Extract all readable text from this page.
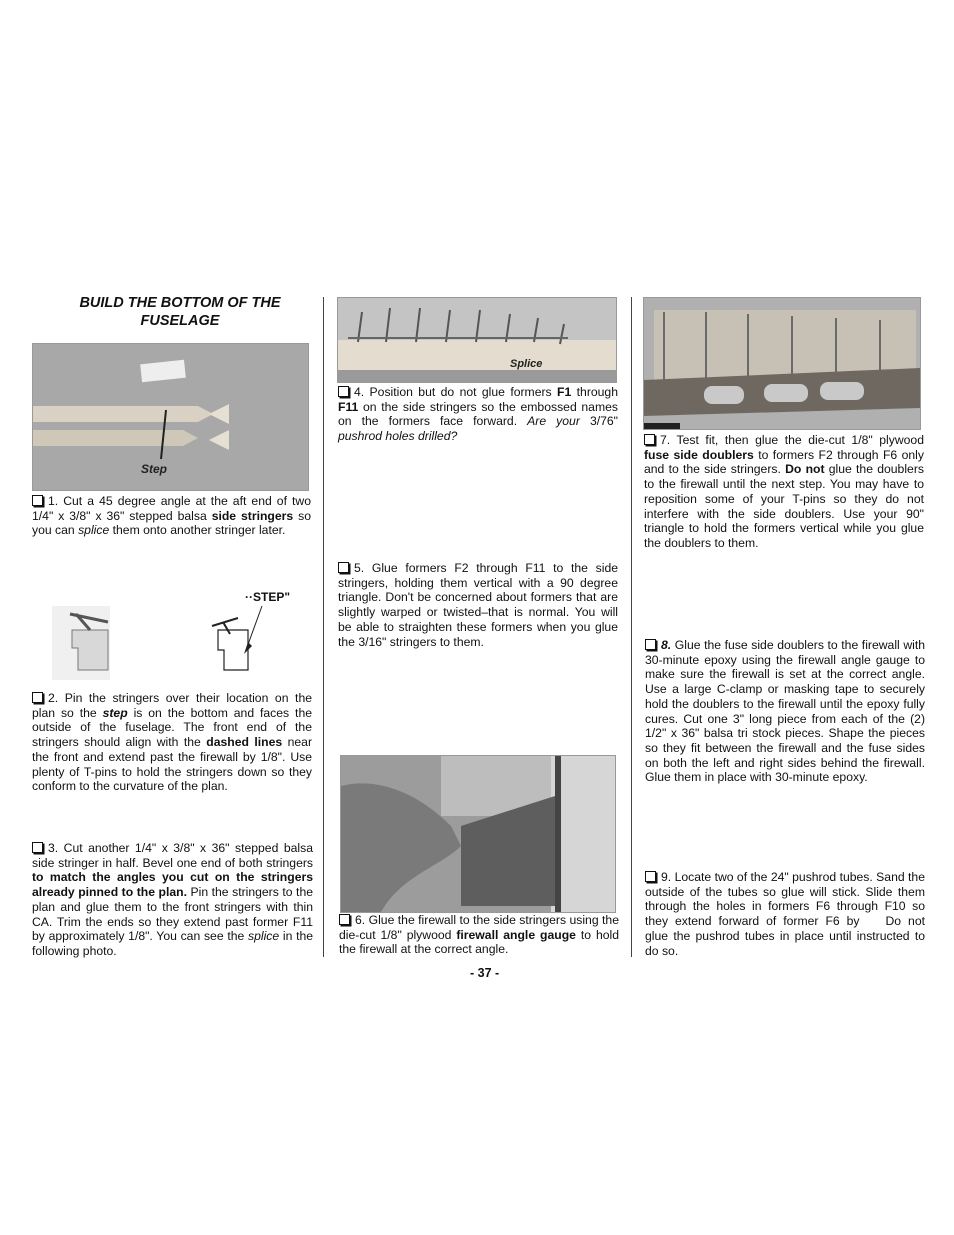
BUILD THE BOTTOM OF THE
FUSELAGE
Step
1. Cut a 45 degree angle at the aft end of two 1/4" x 3/8" x 36" stepped balsa side stringers so you can splice them onto another stringer later.
··STEP"
2. Pin the stringers over their location on the plan so the step is on the bottom and faces the outside of the fuselage. The front end of the stringers should align with the dashed lines near the front and extend past the firewall by 1/8". Use plenty of T-pins to hold the stringers down so they conform to the curvature of the plan.
3. Cut another 1/4" x 3/8" x 36" stepped balsa side stringer in half. Bevel one end of both stringers to match the angles you cut on the stringers already pinned to the plan. Pin the stringers to the plan and glue them to the front stringers with thin CA. Trim the ends so they extend past former F11 by approximately 1/8". You can see the splice in the following photo.
Splice
4. Position but do not glue formers F1 through F11 on the side stringers so the embossed names on the formers face forward. Are your 3/76" pushrod holes drilled?
5. Glue formers F2 through F11 to the side stringers, holding them vertical with a 90 degree triangle. Don't be concerned about formers that are slightly warped or twisted–that is normal. You will be able to straighten these formers when you glue the 3/16" stringers to them.
6. Glue the firewall to the side stringers using the die-cut 1/8" plywood firewall angle gauge to hold the firewall at the correct angle.
7. Test fit, then glue the die-cut 1/8" plywood fuse side doublers to formers F2 through F6 only and to the side stringers. Do not glue the doublers to the firewall until the next step. You may have to reposition some of your T-pins so they do not interfere with the side doublers. Use your 90" triangle to hold the formers vertical while you glue the doublers to them.
8. Glue the fuse side doublers to the firewall with 30-minute epoxy using the firewall angle gauge to make sure the firewall is set at the correct angle. Use a large C-clamp or masking tape to securely hold the doublers to the firewall until the epoxy fully cures. Cut one 3" long piece from each of the (2) 1/2" x 36" balsa tri stock pieces. Shape the pieces so they fit between the firewall and the fuse sides on both the left and right sides behind the firewall. Glue them in place with 30-minute epoxy.
9. Locate two of the 24" pushrod tubes. Sand the outside of the tubes so glue will stick. Slide them through the holes in formers F6 through F10 so they extend forward of former F6 by Do not glue the pushrod tubes in place until instructed to do so.
- 37 -
